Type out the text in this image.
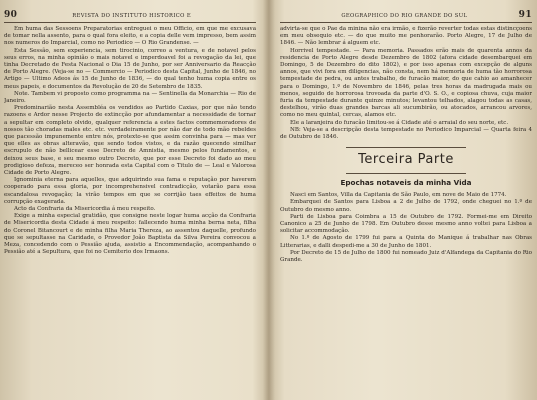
90	REVISTA DO INSTITUTO HISTORICO E

Em huma das Sessoens Preparatorias entreguei o meu Officio, em que me excusava de tomar nella assento, para o qual fora eleito, e a copia delle vem impresso, bem assim nos numeros do Imparcial, como no Periodico — O Rio Grandense. —

Esta Sessão, sem experiencia, sem tirocinio, correo a ventura, e de notavel pelos seus erros, na minha opinião o mais notavel e imperdoavel foi a revogação da lei, que tinha Decretado de Festa Nacional o Dia 15 de Junho, por ser Anniversario da Reacção de Porto Alegre. (Veja-se no — Commercio — Periodico desta Capital, Junho de 1846, no Artigo — Ultimo Adeos ás 15 de Junho de 1836, — do qual tenho huma copia entre os meus papeis, e documentos da Revolução de 20 de Setembro de 1835.

Note. Tambem vi proposto como programma na — Sentinella da Monarchia — Rio de Janeiro.

Predominarião nesta Assembléa os vendidos ao Partido Caxias, por que não tendo razoens e Ardor nesse Projecto de extincção por afundamentar a necessidade de tornar a sepultar em completo olvido, qualquer referencia a estes factos commemoradores de nossos tão choradas males etc. etc. verdadeiramente por não dar de todo mão rebeldes que pacessão impunemente entre nós, protexto-se que assim convinha para — mas ver que elles as obras alteravão, que sendo todos vistos, e da razão quecendo similhar escrupulo de não bellicear esse Decreto de Amnistia, mesmo pelos fundamentos, e deixou seus base, e seu mesmo outro Decreto, que por esse Decreto foi dado ao meu prodigioso defeza, mereceo ser honrada esta Capital com o Titulo de — Leal e Valorosa Cidade de Porto Alegre.

Ignominia eterna para aquelles, que adquirindo sua fama e reputação por haverem cooperado para essa gloria, por incomprehensivel contradicção, votarão para essa escandalosa revogação; la virão tempos em que se corrijão taes effeitos de huma corrupção exagerada.

Acto da Confraria da Misericordia á meu respeito.

Exige a minha especial gratidão, que consigne neste logar huma acção da Confraria de Misericordia desta Cidade á meu respeito: fallecendo huma minha berna neta, filha do Coronel Bitancourt e de minha filha Maria Thereza, ao assentou daquelle, profundo que se sepultasse na Caridade, o Provedor João Baptista da Silva Pereira convocou a Meza, concedendo com o Pessião ajuda, assistio a Encommendação, acompanhando o Pessião até a Sepultura, que foi no Cemiterio dos Irmaons.

GEOGRAPHICO DO RIO GRANDE DO SUL	91

advirta-se que o Pae da minina não era irmão, e fizerão reverter todas estas distincçoens em meu obsequio etc. — do que muito me penhorarão. Porto Alegre, 17 de Julho de 1846. — Não lembrar á alguem etc.

Horrivel tempestade. — Para memoria. Passados erão mais de quarenta annos da residencia de Porto Alegre desde Dezembro de 1802 (afora cidade desembarquei em Domingo, 5 de Dezembro do dito 1802), e por isso apenas com excepção de alguns annos, que vivi fora em diligencias, não consta, nem há memoria de huma tão horrorosa tempestade de pedra, ou antes trabalho, de furacão maior, do que cahio ao amanhecer para o Domingo, 1.º de Novembro de 1846, pelas tres horas da madrugada mais ou menos, seguido de horrorosa trovoada da parte d'O. S. O., e copiosa chuva, cuja maior furia da tempestade durante quinze minutos; levantou telhados, alagou todas as casas, destelhou, virão duas grandes barcas ali sucumbirão, ou atocados, arrancou arvores, como no meu quintal, cercas, alamos etc.

Ele a laranjeira do furacão limitou-se á Cidade até o arraial do seu norte, etc.

NB: Veja-se a descripção desta tempestade no Periodico Imparcial — Quarta feira 4 de Outubro de 1846.

Terceira Parte
Epochas notaveis da minha Vida

Nasci em Santos, Villa da Capitania de São Paulo, em nove de Maio de 1774.

Embarquei de Santos para Lisboa a 2 de Julho de 1792, onde cheguei no 1.º de Outubro do mesmo anno.

Parti de Lisboa para Coimbra a 15 de Outubro de 1792. Formei-me em Direito Canonico a 25 de Junho de 1798. Em Outubro desse mesmo anno voltei para Lisboa a solicitar accommodação.

No 1.º de Agosto de 1799 fui para a Quinta do Manique á trabalhar nas Obras Litterarias, e dalli despedi-me a 30 de Junho de 1801.

Por Decreto de 15 de Julho de 1800 fui nomeado Juiz d'Alfandega da Capitania do Rio Grande.
